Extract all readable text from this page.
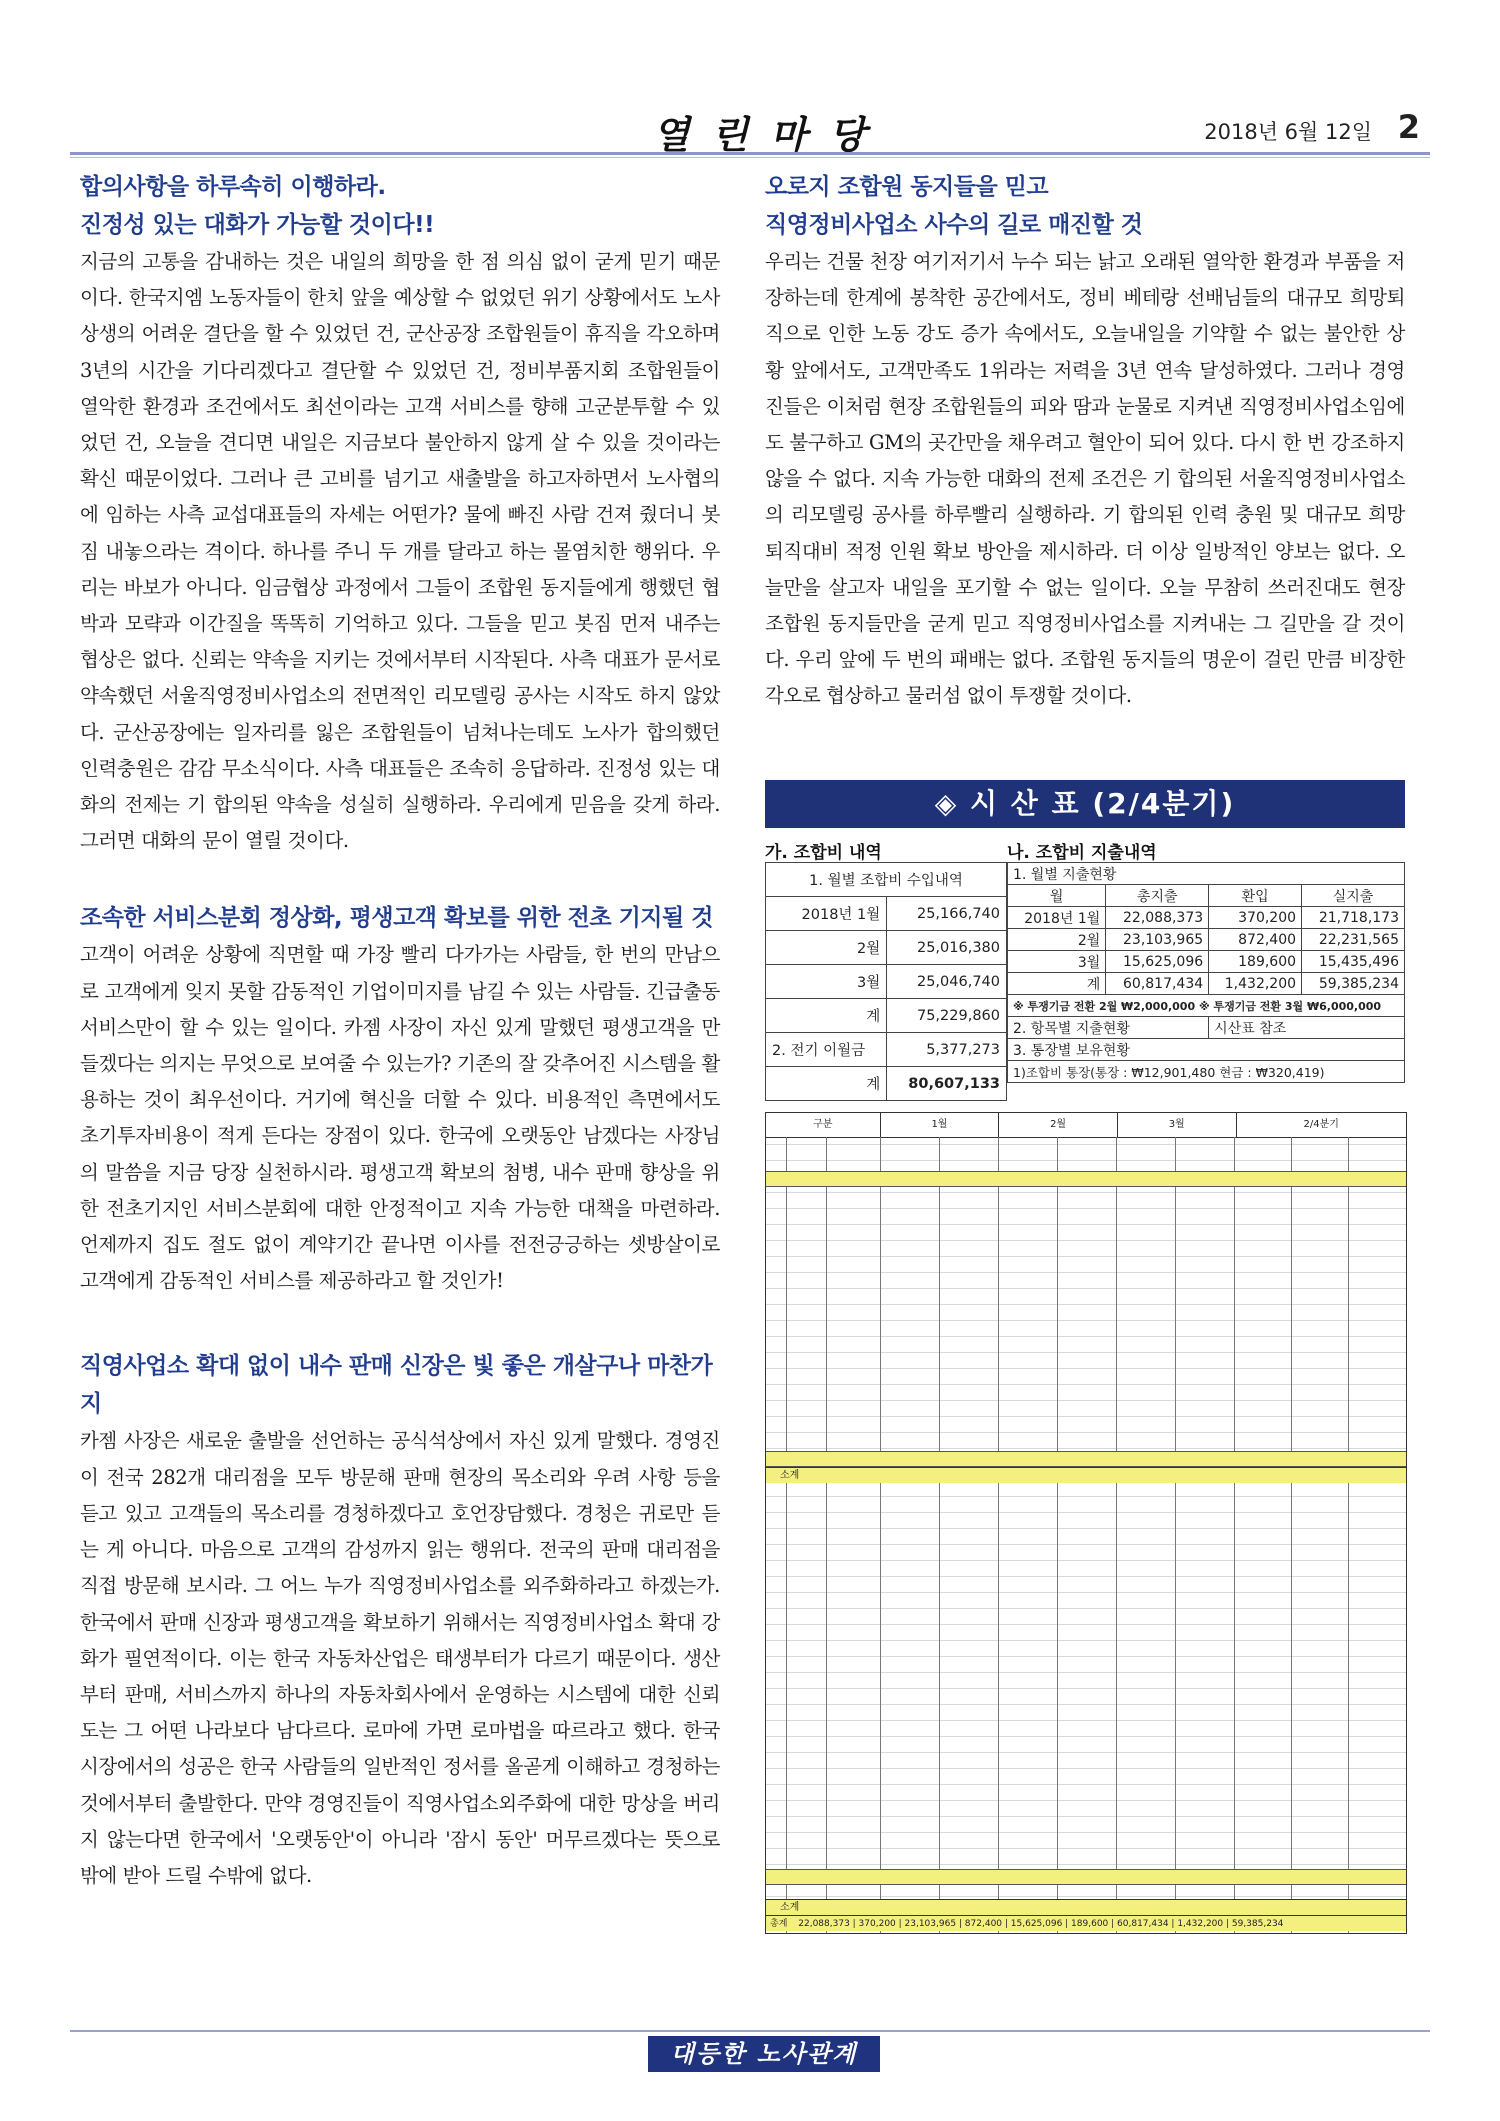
열린마당	2018년 6월 12일 2

합의사항을 하루속히 이행하라.

진정성 있는 대화가 가능할 것이다!!

지금의 고통을 감내하는 것은 내일의 희망을 한 점 의심 없이 굳게 믿기 때문이다. 한국지엠 노동자들이 한치 앞을 예상할 수 없었던 위기 상황에서도 노사상생의 어려운 결단을 할 수 있었던 건, 군산공장 조합원들이 휴직을 각오하며 3년의 시간을 기다리겠다고 결단할 수 있었던 건, 정비부품지회 조합원들이 열악한 환경과 조건에서도 최선이라는 고객 서비스를 향해 고군분투할 수 있었던 건, 오늘을 견디면 내일은 지금보다 불안하지 않게 살 수 있을 것이라는 확신 때문이었다. 그러나 큰 고비를 넘기고 새출발을 하고자하면서 노사협의에 임하는 사측 교섭대표들의 자세는 어떤가? 물에 빠진 사람 건져 줬더니 봇짐 내놓으라는 격이다. 하나를 주니 두 개를 달라고 하는 몰염치한 행위다. 우리는 바보가 아니다. 임금협상 과정에서 그들이 조합원 동지들에게 행했던 협박과 모략과 이간질을 똑똑히 기억하고 있다. 그들을 믿고 봇짐 먼저 내주는 협상은 없다. 신뢰는 약속을 지키는 것에서부터 시작된다. 사측 대표가 문서로 약속했던 서울직영정비사업소의 전면적인 리모델링 공사는 시작도 하지 않았다. 군산공장에는 일자리를 잃은 조합원들이 넘쳐나는데도 노사가 합의했던 인력충원은 감감 무소식이다. 사측 대표들은 조속히 응답하라. 진정성 있는 대화의 전제는 기 합의된 약속을 성실히 실행하라. 우리에게 믿음을 갖게 하라. 그러면 대화의 문이 열릴 것이다.

조속한 서비스분회 정상화, 평생고객 확보를 위한 전초 기지될 것

고객이 어려운 상황에 직면할 때 가장 빨리 다가가는 사람들, 한 번의 만남으로 고객에게 잊지 못할 감동적인 기업이미지를 남길 수 있는 사람들. 긴급출동서비스만이 할 수 있는 일이다. 카젬 사장이 자신 있게 말했던 평생고객을 만들겠다는 의지는 무엇으로 보여줄 수 있는가? 기존의 잘 갖추어진 시스템을 활용하는 것이 최우선이다. 거기에 혁신을 더할 수 있다. 비용적인 측면에서도 초기투자비용이 적게 든다는 장점이 있다. 한국에 오랫동안 남겠다는 사장님의 말씀을 지금 당장 실천하시라. 평생고객 확보의 첨병, 내수 판매 향상을 위한 전초기지인 서비스분회에 대한 안정적이고 지속 가능한 대책을 마련하라. 언제까지 집도 절도 없이 계약기간 끝나면 이사를 전전긍긍하는 셋방살이로 고객에게 감동적인 서비스를 제공하라고 할 것인가!

직영사업소 확대 없이 내수 판매 신장은 빛 좋은 개살구나 마찬가지

카젬 사장은 새로운 출발을 선언하는 공식석상에서 자신 있게 말했다. 경영진이 전국 282개 대리점을 모두 방문해 판매 현장의 목소리와 우려 사항 등을 듣고 있고 고객들의 목소리를 경청하겠다고 호언장담했다. 경청은 귀로만 듣는 게 아니다. 마음으로 고객의 감성까지 읽는 행위다. 전국의 판매 대리점을 직접 방문해 보시라. 그 어느 누가 직영정비사업소를 외주화하라고 하겠는가. 한국에서 판매 신장과 평생고객을 확보하기 위해서는 직영정비사업소 확대 강화가 필연적이다. 이는 한국 자동차산업은 태생부터가 다르기 때문이다. 생산부터 판매, 서비스까지 하나의 자동차회사에서 운영하는 시스템에 대한 신뢰도는 그 어떤 나라보다 남다르다. 로마에 가면 로마법을 따르라고 했다. 한국시장에서의 성공은 한국 사람들의 일반적인 정서를 올곧게 이해하고 경청하는 것에서부터 출발한다. 만약 경영진들이 직영사업소외주화에 대한 망상을 버리지 않는다면 한국에서 '오랫동안'이 아니라 '잠시 동안' 머무르겠다는 뜻으로 밖에 받아 드릴 수밖에 없다.

오로지 조합원 동지들을 믿고

직영정비사업소 사수의 길로 매진할 것

우리는 건물 천장 여기저기서 누수 되는 낡고 오래된 열악한 환경과 부품을 저장하는데 한계에 봉착한 공간에서도, 정비 베테랑 선배님들의 대규모 희망퇴직으로 인한 노동 강도 증가 속에서도, 오늘내일을 기약할 수 없는 불안한 상황 앞에서도, 고객만족도 1위라는 저력을 3년 연속 달성하였다. 그러나 경영진들은 이처럼 현장 조합원들의 피와 땀과 눈물로 지켜낸 직영정비사업소임에도 불구하고 GM의 곳간만을 채우려고 혈안이 되어 있다. 다시 한 번 강조하지 않을 수 없다. 지속 가능한 대화의 전제 조건은 기 합의된 서울직영정비사업소의 리모델링 공사를 하루빨리 실행하라. 기 합의된 인력 충원 및 대규모 희망퇴직대비 적정 인원 확보 방안을 제시하라. 더 이상 일방적인 양보는 없다. 오늘만을 살고자 내일을 포기할 수 없는 일이다. 오늘 무참히 쓰러진대도 현장 조합원 동지들만을 굳게 믿고 직영정비사업소를 지켜내는 그 길만을 갈 것이다. 우리 앞에 두 번의 패배는 없다. 조합원 동지들의 명운이 걸린 만큼 비장한 각오로 협상하고 물러섬 없이 투쟁할 것이다.

◈ 시 산 표 (2/4분기)
가. 조합비 내역	나. 조합비 지출내역
1. 월별 조합비 수입내역	
2018년 1월	25,166,740
2월	25,016,380
3월	25,046,740
계	75,229,860
2. 전기 이월금	5,377,273
계	80,607,133
1. 월별 지출현황			
월	총지출	환입	실지출
2018년 1월	22,088,373	370,200	21,718,173
2월	23,103,965	872,400	22,231,565
3월	15,625,096	189,600	15,435,496
계	60,817,434	1,432,200	59,385,234
※ 투쟁기금 전환 2월 ₩2,000,000 ※ 투쟁기금 전환 3월 ₩6,000,000			
2. 항목별 지출현황		시산표 참조	
3. 통장별 보유현황			
1)조합비 통장(통장 : ₩12,901,480 현금 : ₩320,419)			
구분	1월	2월	3월	2/4분기
소계
소계
총계 22,088,373 | 370,200 | 23,103,965 | 872,400 | 15,625,096 | 189,600 | 60,817,434 | 1,432,200 | 59,385,234
대등한 노사관계
